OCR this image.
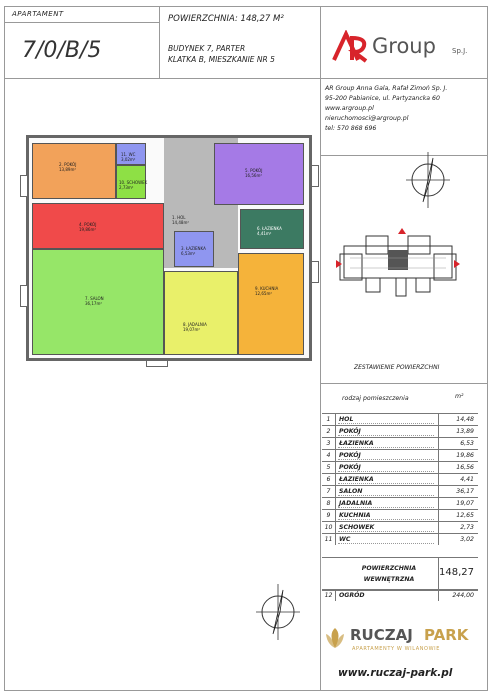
APARTAMENT
7/0/B/5
POWIERZCHNIA: 148,27 M²
BUDYNEK 7, PARTER
KLATKA B, MIESZKANIE NR 5
Group Sp.J.
AR Group Anna Gala, Rafał Zimoń Sp. J.
95-200 Pabianice, ul. Partyzancka 60
www.argroup.pl
nieruchomosci@argroup.pl
tel: 570 868 696
2. POKÓJ
13,89m²
11. WC
3,02m²
10. SCHOWEK
2,73m²
5. POKÓJ
16,56m²
1. HOL
14,48m²
4. POKÓJ
19,86m²
3. ŁAZIENKA
6,53m²
6. ŁAZIENKA
4,41m²
7. SALON
36,17m²
8. JADALNIA
19,07m²
9. KUCHNIA
12,65m²
ZESTAWIENIE POWIERZCHNI
rodzaj pomieszczenia	m²
1	HOL	14,48
2	POKÓJ	13,89
3	ŁAZIENKA	6,53
4	POKÓJ	19,86
5	POKÓJ	16,56
6	ŁAZIENKA	4,41
7	SALON	36,17
8	JADALNIA	19,07
9	KUCHNIA	12,65
10	SCHOWEK	2,73
11	WC	3,02
POWIERZCHNIA
WEWNĘTRZNA
148,27
12	OGRÓD	244,00
RUCZAJ PARK
APARTAMENTY W WILANOWIE
www.ruczaj-park.pl
